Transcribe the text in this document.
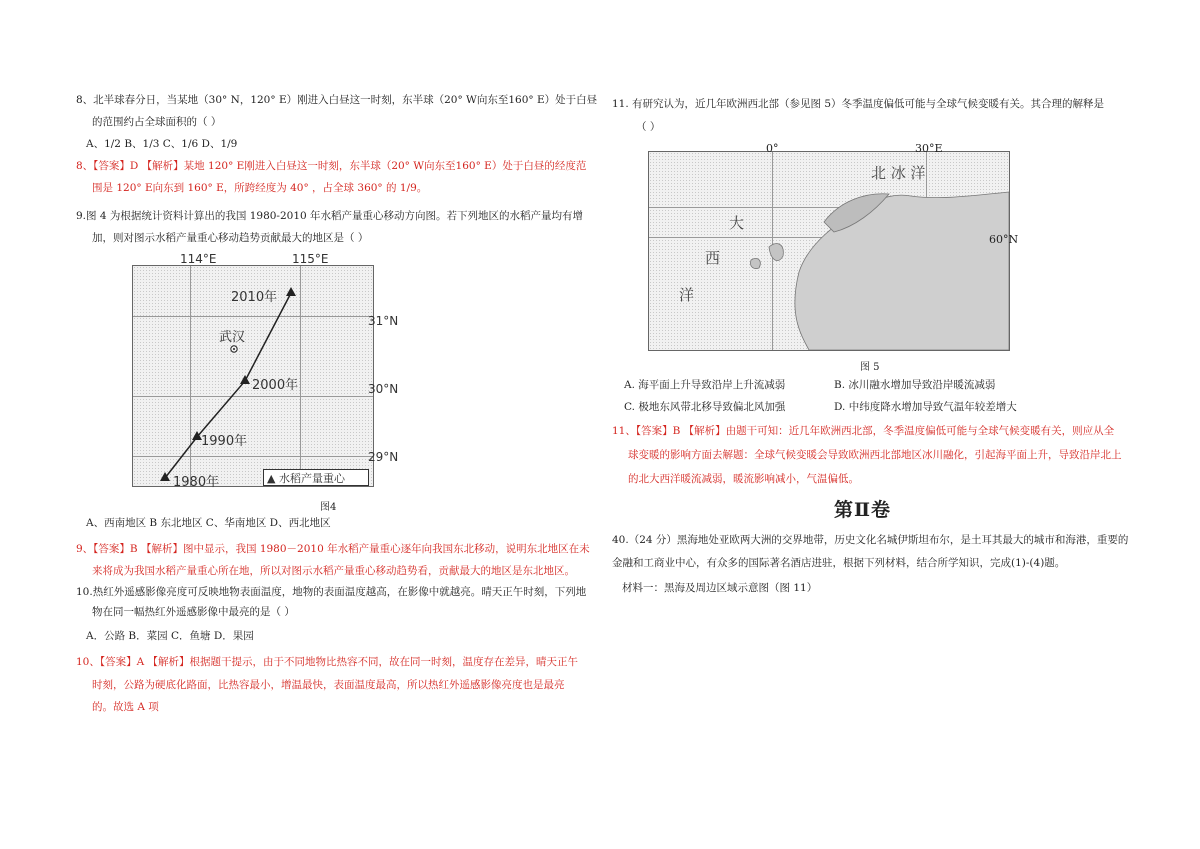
8、北半球春分日，当某地（30° N，120° E）刚进入白昼这一时刻，东半球（20° W向东至160° E）处于白昼
的范围约占全球面积的（ ）
A、1/2 B、1/3 C、1/6 D、1/9
8、【答案】D 【解析】某地 120° E刚进入白昼这一时刻，东半球（20° W向东至160° E）处于白昼的经度范
围是 120° E向东到 160° E，所跨经度为 40° ，占全球 360° 的 1/9。
9.图 4 为根据统计资料计算出的我国 1980-2010 年水稻产量重心移动方向图。若下列地区的水稻产量均有增
加，则对图示水稻产量重心移动趋势贡献最大的地区是（ ）
2010年
2000年
1990年
1980年
武汉
▲ 水稻产量重心
114°E	115°E
31°N
30°N
29°N
图4
A、西南地区 B 东北地区 C、华南地区 D、西北地区
9、【答案】B 【解析】图中显示，我国 1980－2010 年水稻产量重心逐年向我国东北移动，说明东北地区在未
来将成为我国水稻产量重心所在地，所以对图示水稻产量重心移动趋势看，贡献最大的地区是东北地区。
10.热红外遥感影像亮度可反映地物表面温度，地物的表面温度越高，在影像中就越亮。晴天正午时刻，下列地
物在同一幅热红外遥感影像中最亮的是（ ）
A．公路 B．菜园 C．鱼塘 D．果园
10、【答案】A 【解析】根据题干提示，由于不同地物比热容不同，故在同一时刻，温度存在差异，晴天正午
时刻，公路为硬底化路面，比热容最小，增温最快，表面温度最高，所以热红外遥感影像亮度也是最亮
的。故选 A 项
11. 有研究认为，近几年欧洲西北部（参见图 5）冬季温度偏低可能与全球气候变暖有关。其合理的解释是
（ ）
北 冰 洋
大
西
洋
0°	30°E
60°N
图 5
A. 海平面上升导致沿岸上升流减弱	B. 冰川融水增加导致沿岸暖流减弱
C. 极地东风带北移导致偏北风加强	D. 中纬度降水增加导致气温年较差增大
11、【答案】B 【解析】由题干可知：近几年欧洲西北部，冬季温度偏低可能与全球气候变暖有关，则应从全
球变暖的影响方面去解题：全球气候变暖会导致欧洲西北部地区冰川融化，引起海平面上升，导致沿岸北上
的北大西洋暖流减弱，暖流影响减小，气温偏低。
第Ⅱ卷
40.（24 分）黑海地处亚欧两大洲的交界地带，历史文化名城伊斯坦布尔，是土耳其最大的城市和海港，重要的
金融和工商业中心，有众多的国际著名酒店进驻，根据下列材料，结合所学知识，完成(1)-(4)题。
材料一：黑海及周边区域示意图（图 11）
